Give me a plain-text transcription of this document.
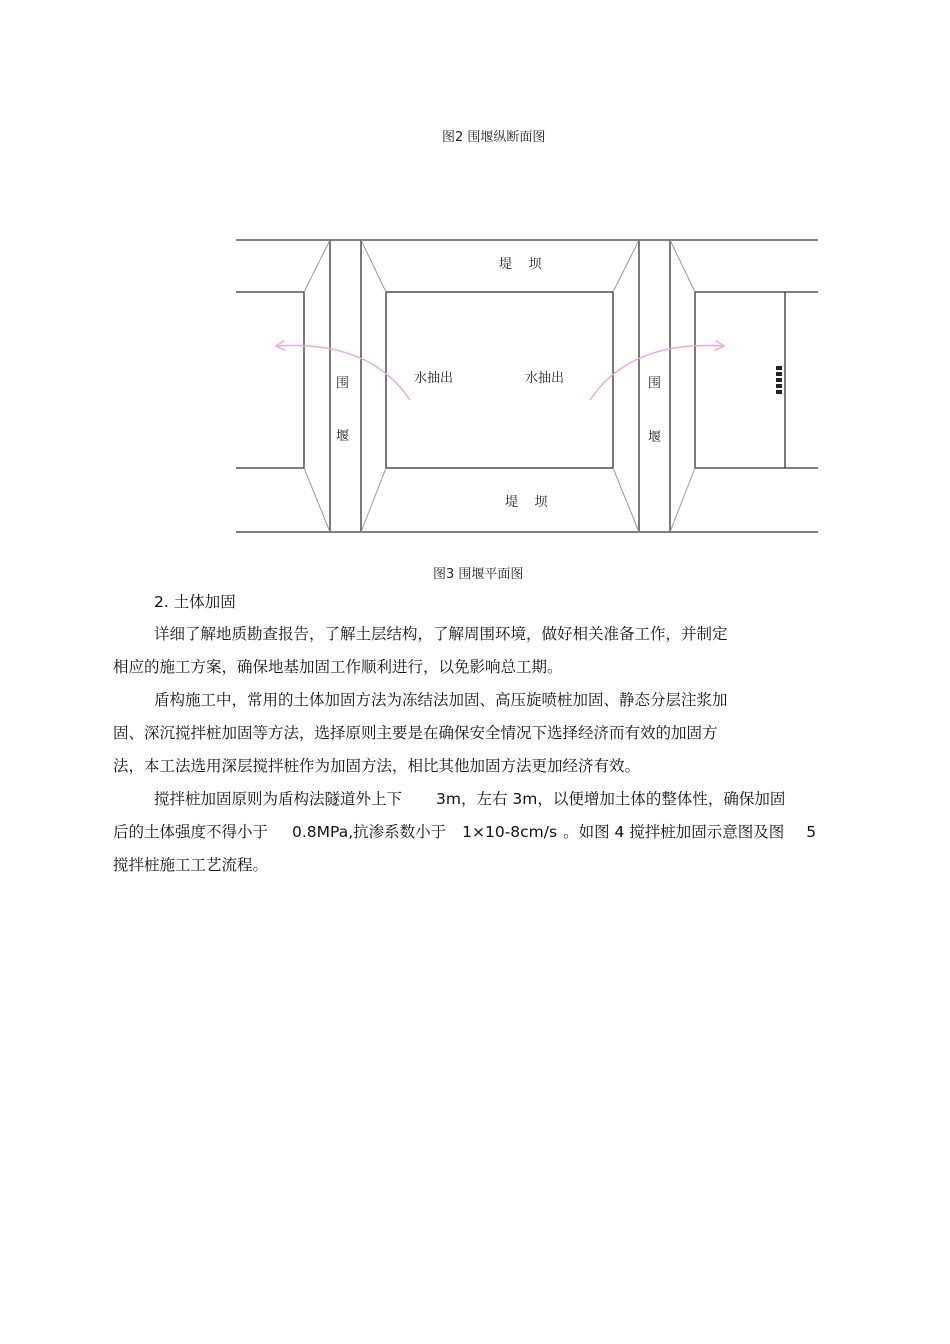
图2 围堰纵断面图
堤    坝
堤    坝
围
堰
围
堰
水抽出	水抽出
图3 围堰平面图
2. 土体加固
详细了解地质勘查报告，了解土层结构，了解周围环境，做好相关准备工作，并制定
相应的施工方案，确保地基加固工作顺利进行，以免影响总工期。
盾构施工中，常用的土体加固方法为冻结法加固、高压旋喷桩加固、静态分层注浆加
固、深沉搅拌桩加固等方法，选择原则主要是在确保安全情况下选择经济而有效的加固方
法，本工法选用深层搅拌桩作为加固方法，相比其他加固方法更加经济有效。
搅拌桩加固原则为盾构法隧道外上下 3m，左右 3m，以便增加土体的整体性，确保加固
后的土体强度不得小于 0.8MPa,抗渗系数小于 1×10-8cm/s 。如图 4 搅拌桩加固示意图及图 5
搅拌桩施工工艺流程。
